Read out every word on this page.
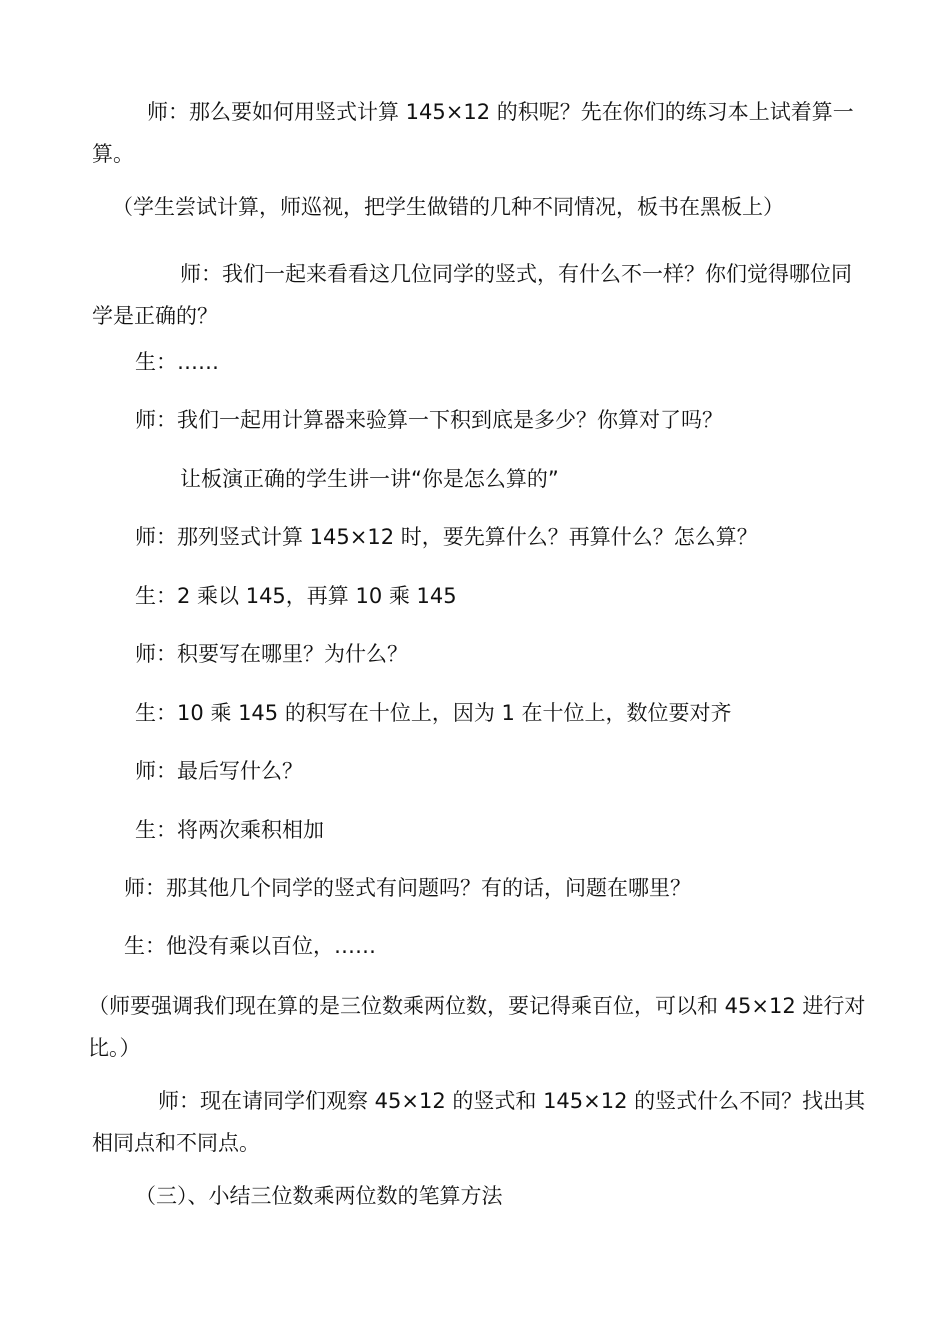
师：那么要如何用竖式计算 145×12 的积呢？先在你们的练习本上试着算一算。
（学生尝试计算，师巡视，把学生做错的几种不同情况，板书在黑板上）
师：我们一起来看看这几位同学的竖式，有什么不一样？你们觉得哪位同学是正确的？
生：……
师：我们一起用计算器来验算一下积到底是多少？你算对了吗？
让板演正确的学生讲一讲“你是怎么算的”
师：那列竖式计算 145×12 时，要先算什么？再算什么？怎么算？
生：2 乘以 145，再算 10 乘 145
师：积要写在哪里？为什么？
生：10 乘 145 的积写在十位上，因为 1 在十位上，数位要对齐
师：最后写什么？
生：将两次乘积相加
师：那其他几个同学的竖式有问题吗？有的话，问题在哪里？
生：他没有乘以百位，……
（师要强调我们现在算的是三位数乘两位数，要记得乘百位，可以和 45×12 进行对比。）
师：现在请同学们观察 45×12 的竖式和 145×12 的竖式什么不同？找出其相同点和不同点。
（三）、小结三位数乘两位数的笔算方法
